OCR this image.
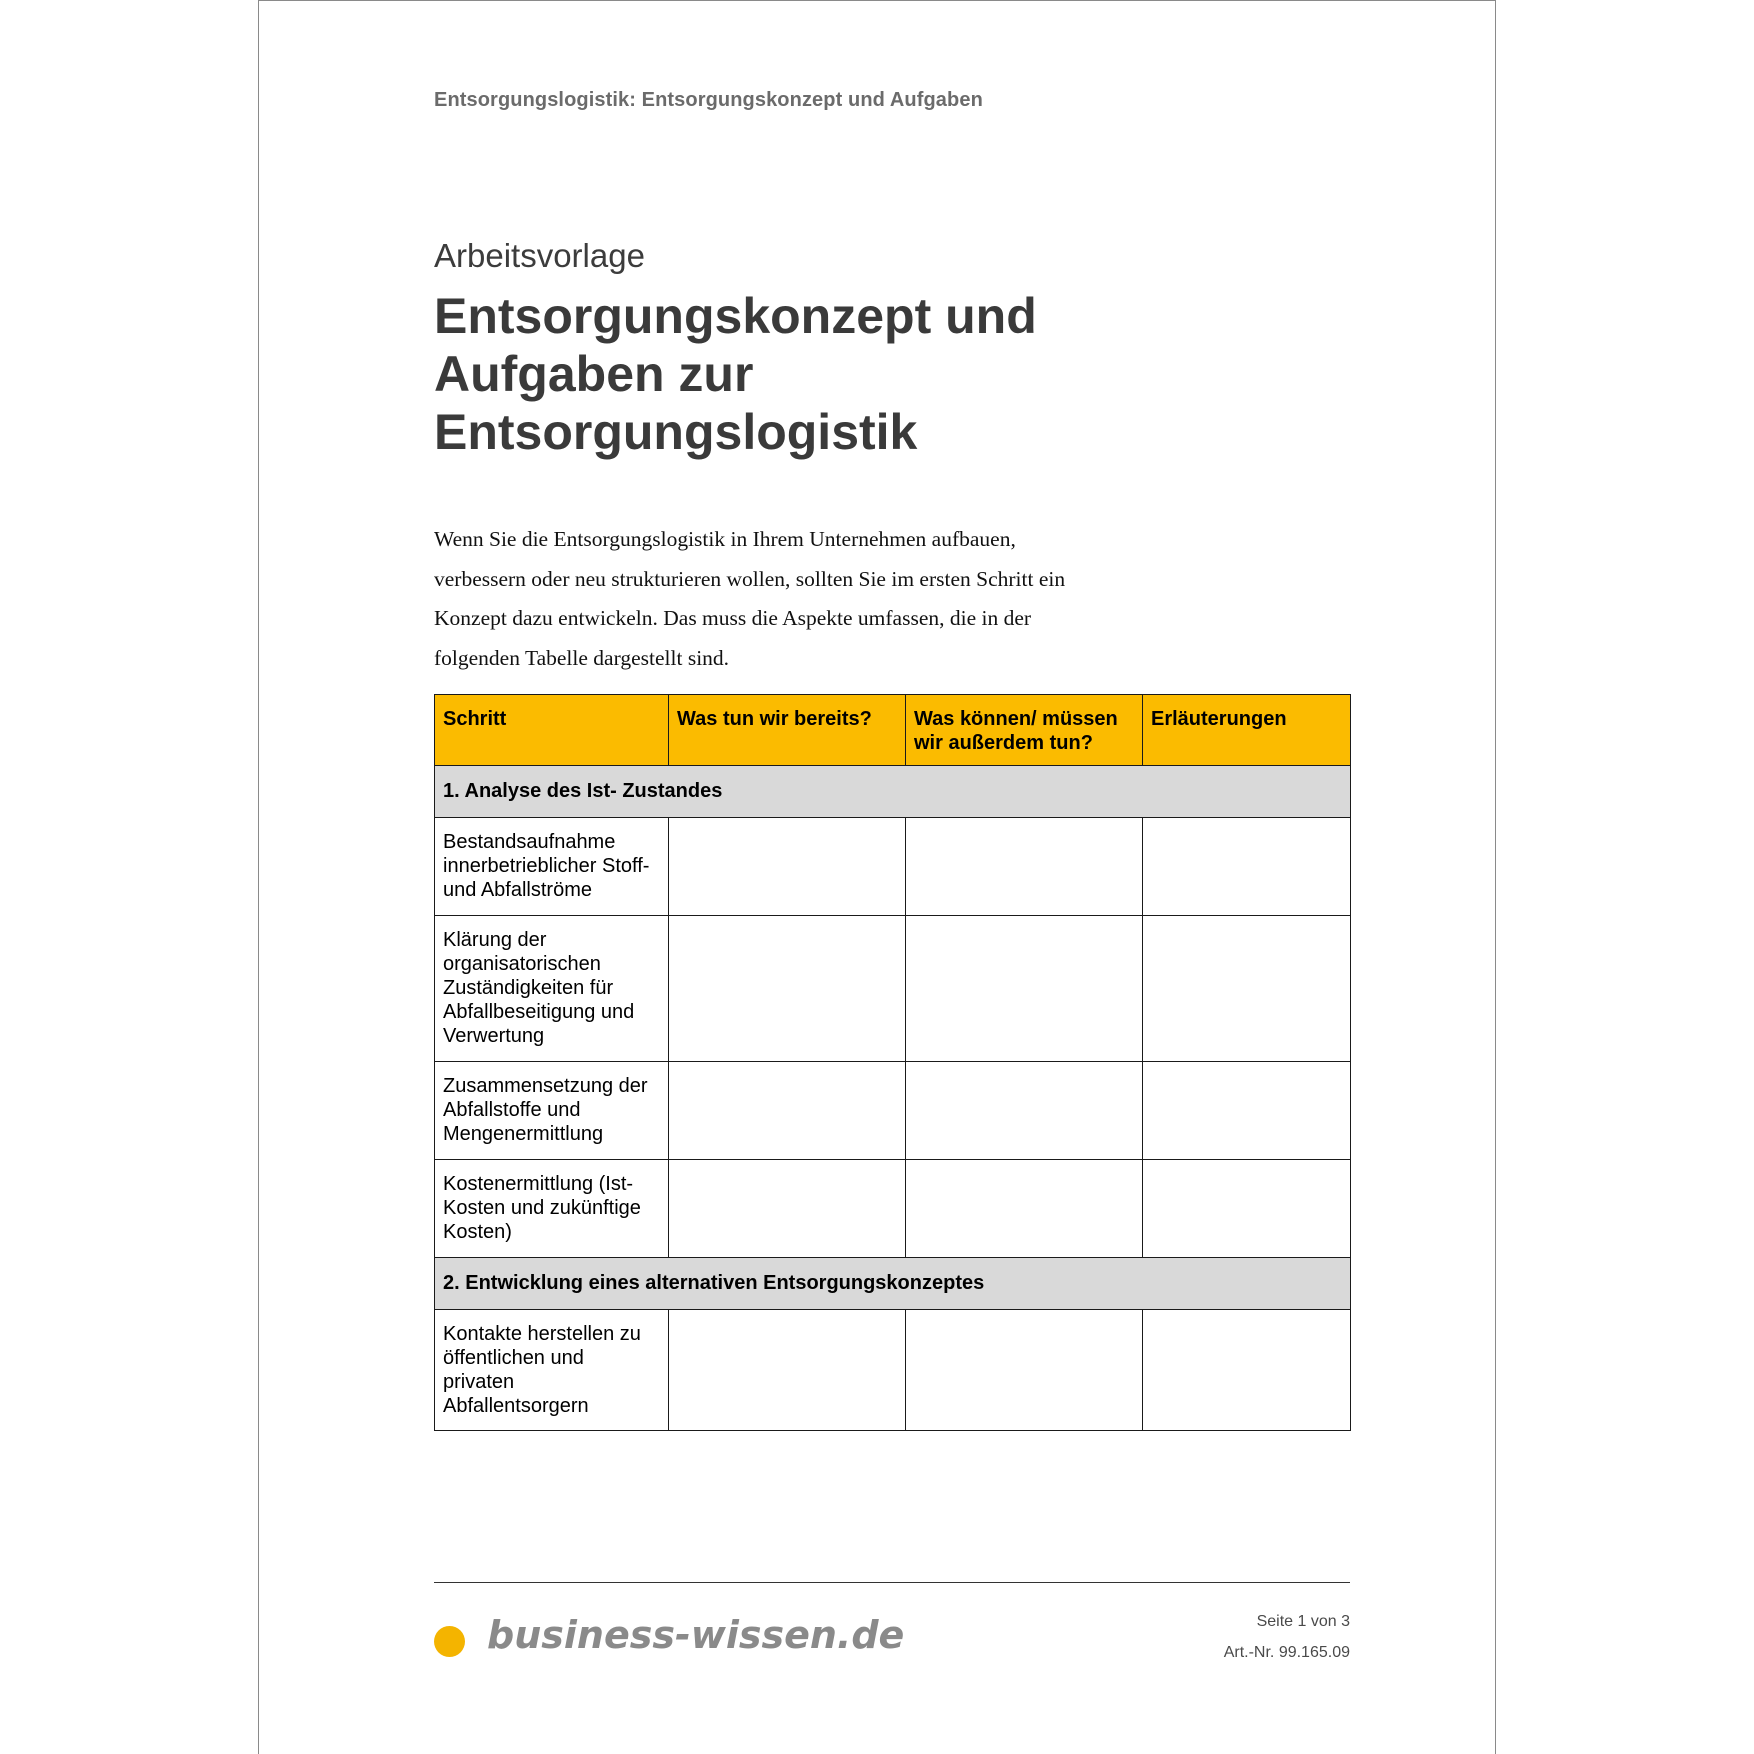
Entsorgungslogistik: Entsorgungskonzept und Aufgaben
Arbeitsvorlage
Entsorgungskonzept und
Aufgaben zur
Entsorgungslogistik

Wenn Sie die Entsorgungslogistik in Ihrem Unternehmen aufbauen,
verbessern oder neu strukturieren wollen, sollten Sie im ersten Schritt ein
Konzept dazu entwickeln. Das muss die Aspekte umfassen, die in der
folgenden Tabelle dargestellt sind.

Schritt	Was tun wir bereits?	Was können/ müssen wir außerdem tun?	Erläuterungen
1. Analyse des Ist- Zustandes			
Bestandsaufnahme innerbetrieblicher Stoff- und Abfallströme			
Klärung der organisatorischen Zuständigkeiten für Abfallbeseitigung und Verwertung			
Zusammensetzung der Abfallstoffe und Mengenermittlung			
Kostenermittlung (Ist-Kosten und zukünftige Kosten)			
2. Entwicklung eines alternativen Entsorgungskonzeptes			
Kontakte herstellen zu öffentlichen und privaten Abfallentsorgern			
business-wissen.de	Seite 1 von 3
Art.-Nr. 99.165.09
